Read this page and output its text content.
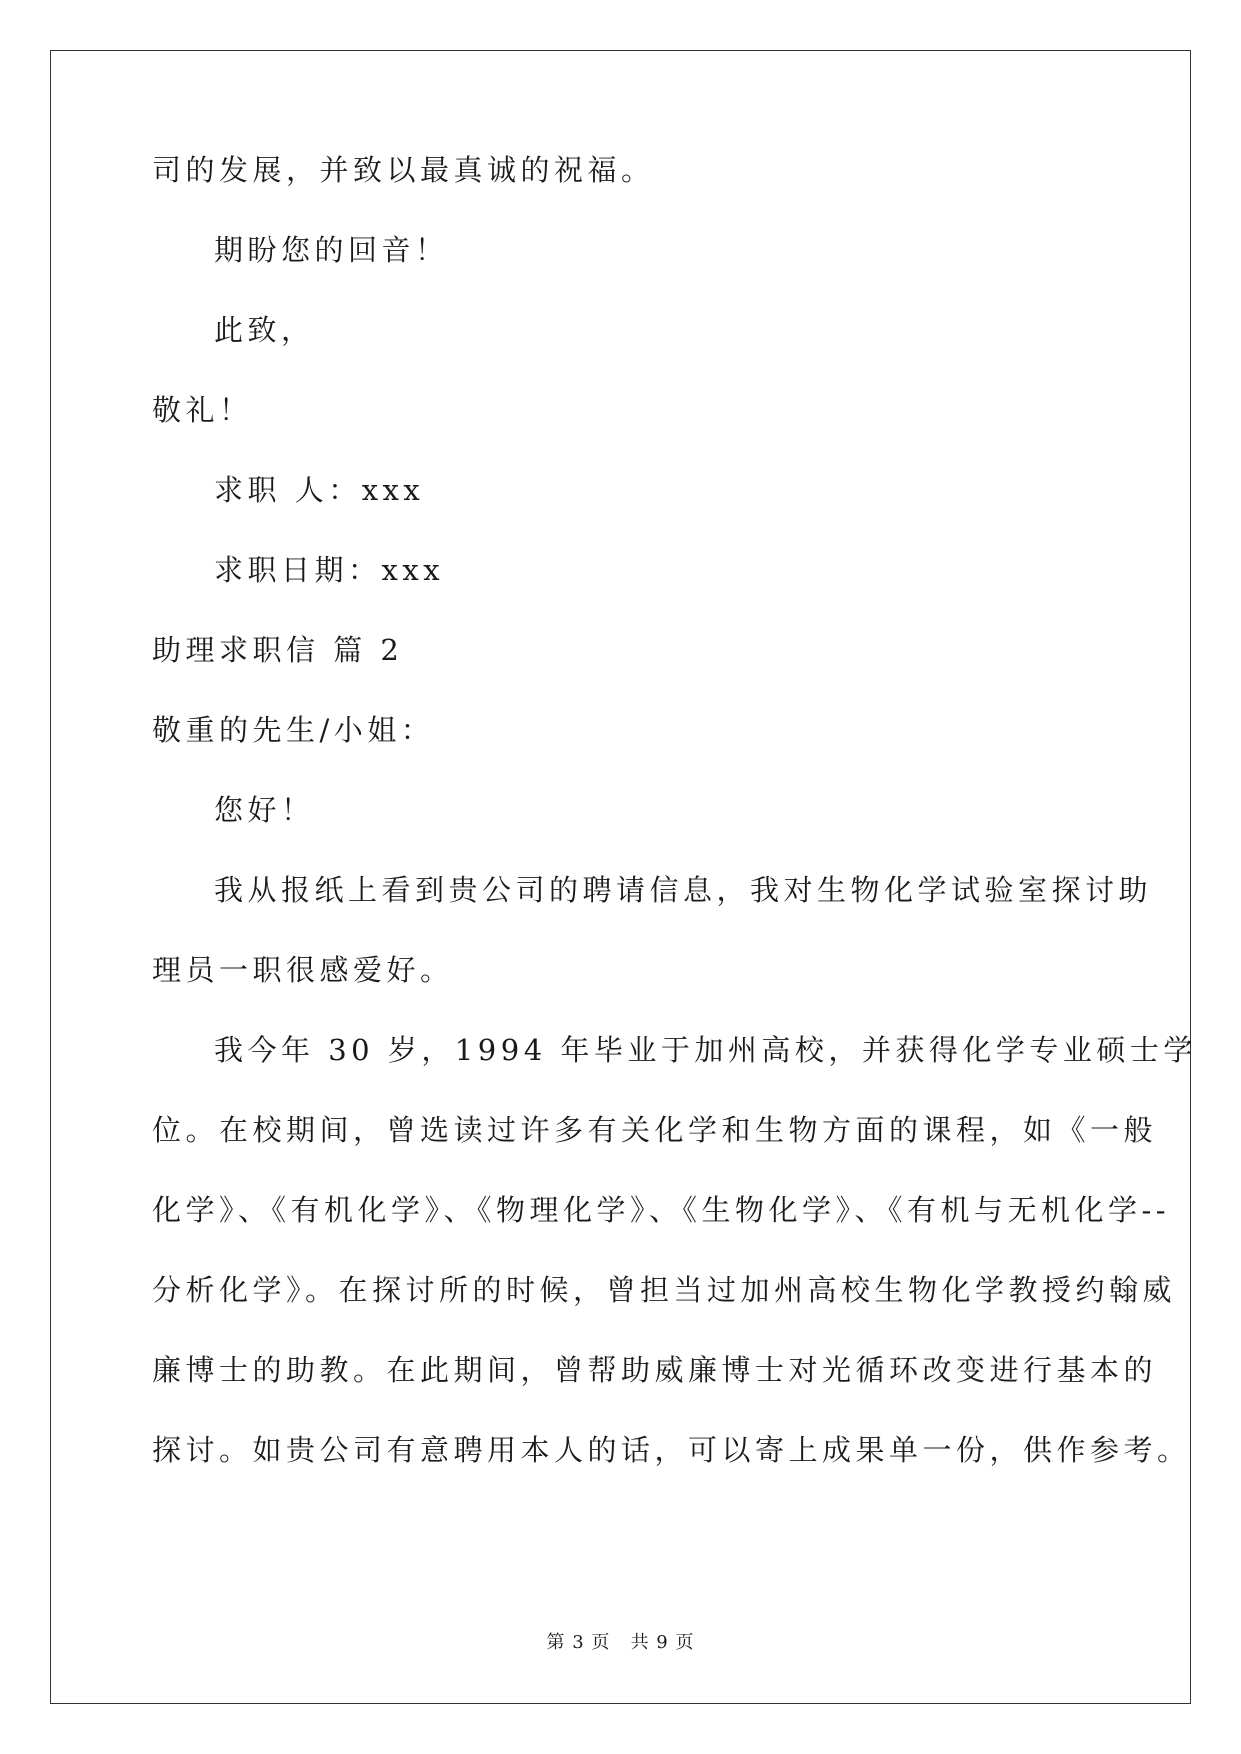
司的发展，并致以最真诚的祝福。
期盼您的回音！
此致，
敬礼！
求职 人：xxx
求职日期：xxx
助理求职信 篇 2
敬重的先生/小姐：
您好！
我从报纸上看到贵公司的聘请信息，我对生物化学试验室探讨助
理员一职很感爱好。
我今年 30 岁，1994 年毕业于加州高校，并获得化学专业硕士学
位。在校期间，曾选读过许多有关化学和生物方面的课程，如《一般
化学》、《有机化学》、《物理化学》、《生物化学》、《有机与无机化学--
分析化学》。在探讨所的时候，曾担当过加州高校生物化学教授约翰威
廉博士的助教。在此期间，曾帮助威廉博士对光循环改变进行基本的
探讨。如贵公司有意聘用本人的话，可以寄上成果单一份，供作参考。
第 3 页   共 9 页
